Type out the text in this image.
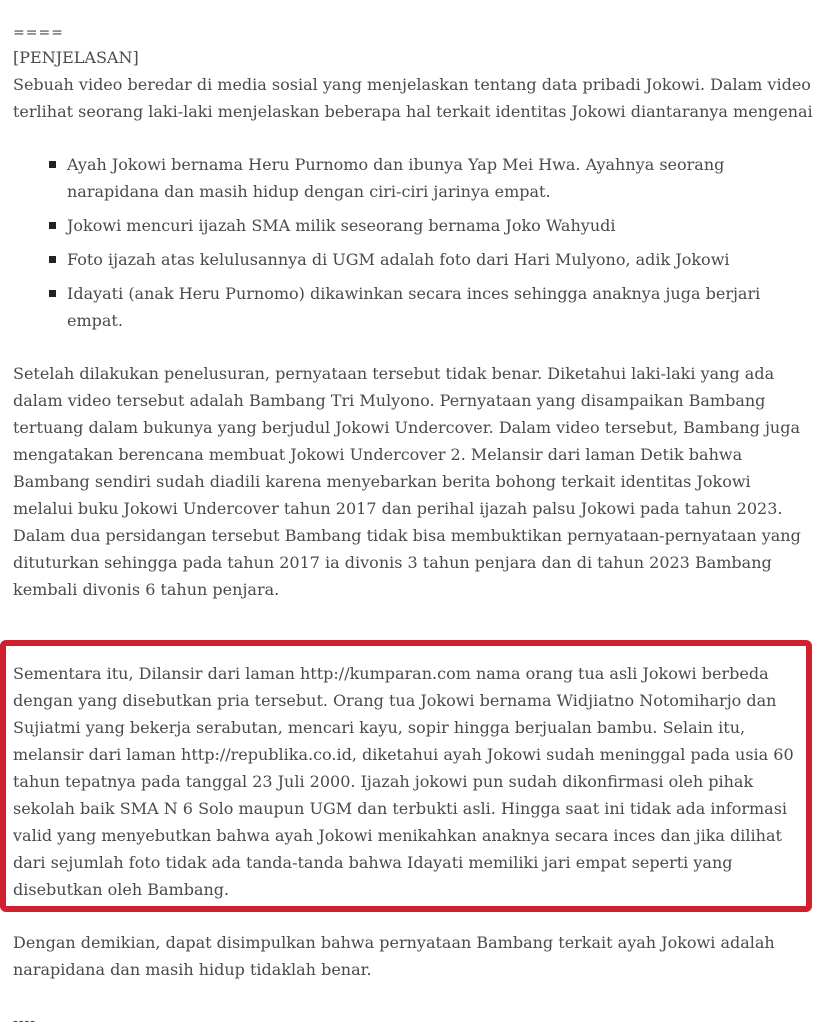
====

[PENJELASAN]

Sebuah video beredar di media sosial yang menjelaskan tentang data pribadi Jokowi. Dalam video terlihat seorang laki-laki menjelaskan beberapa hal terkait identitas Jokowi diantaranya mengenai

Ayah Jokowi bernama Heru Purnomo dan ibunya Yap Mei Hwa. Ayahnya seorang narapidana dan masih hidup dengan ciri-ciri jarinya empat.
Jokowi mencuri ijazah SMA milik seseorang bernama Joko Wahyudi
Foto ijazah atas kelulusannya di UGM adalah foto dari Hari Mulyono, adik Jokowi
Idayati (anak Heru Purnomo) dikawinkan secara inces sehingga anaknya juga berjari empat.

Setelah dilakukan penelusuran, pernyataan tersebut tidak benar. Diketahui laki-laki yang ada dalam video tersebut adalah Bambang Tri Mulyono. Pernyataan yang disampaikan Bambang tertuang dalam bukunya yang berjudul Jokowi Undercover. Dalam video tersebut, Bambang juga mengatakan berencana membuat Jokowi Undercover 2. Melansir dari laman Detik bahwa Bambang sendiri sudah diadili karena menyebarkan berita bohong terkait identitas Jokowi melalui buku Jokowi Undercover tahun 2017 dan perihal ijazah palsu Jokowi pada tahun 2023. Dalam dua persidangan tersebut Bambang tidak bisa membuktikan pernyataan-pernyataan yang dituturkan sehingga pada tahun 2017 ia divonis 3 tahun penjara dan di tahun 2023 Bambang kembali divonis 6 tahun penjara.

Sementara itu, Dilansir dari laman http://kumparan.com nama orang tua asli Jokowi berbeda dengan yang disebutkan pria tersebut. Orang tua Jokowi bernama Widjiatno Notomiharjo dan Sujiatmi yang bekerja serabutan, mencari kayu, sopir hingga berjualan bambu. Selain itu, melansir dari laman http://republika.co.id, diketahui ayah Jokowi sudah meninggal pada usia 60 tahun tepatnya pada tanggal 23 Juli 2000. Ijazah jokowi pun sudah dikonfirmasi oleh pihak sekolah baik SMA N 6 Solo maupun UGM dan terbukti asli. Hingga saat ini tidak ada informasi valid yang menyebutkan bahwa ayah Jokowi menikahkan anaknya secara inces dan jika dilihat dari sejumlah foto tidak ada tanda-tanda bahwa Idayati memiliki jari empat seperti yang disebutkan oleh Bambang.

Dengan demikian, dapat disimpulkan bahwa pernyataan Bambang terkait ayah Jokowi adalah narapidana dan masih hidup tidaklah benar.

----
